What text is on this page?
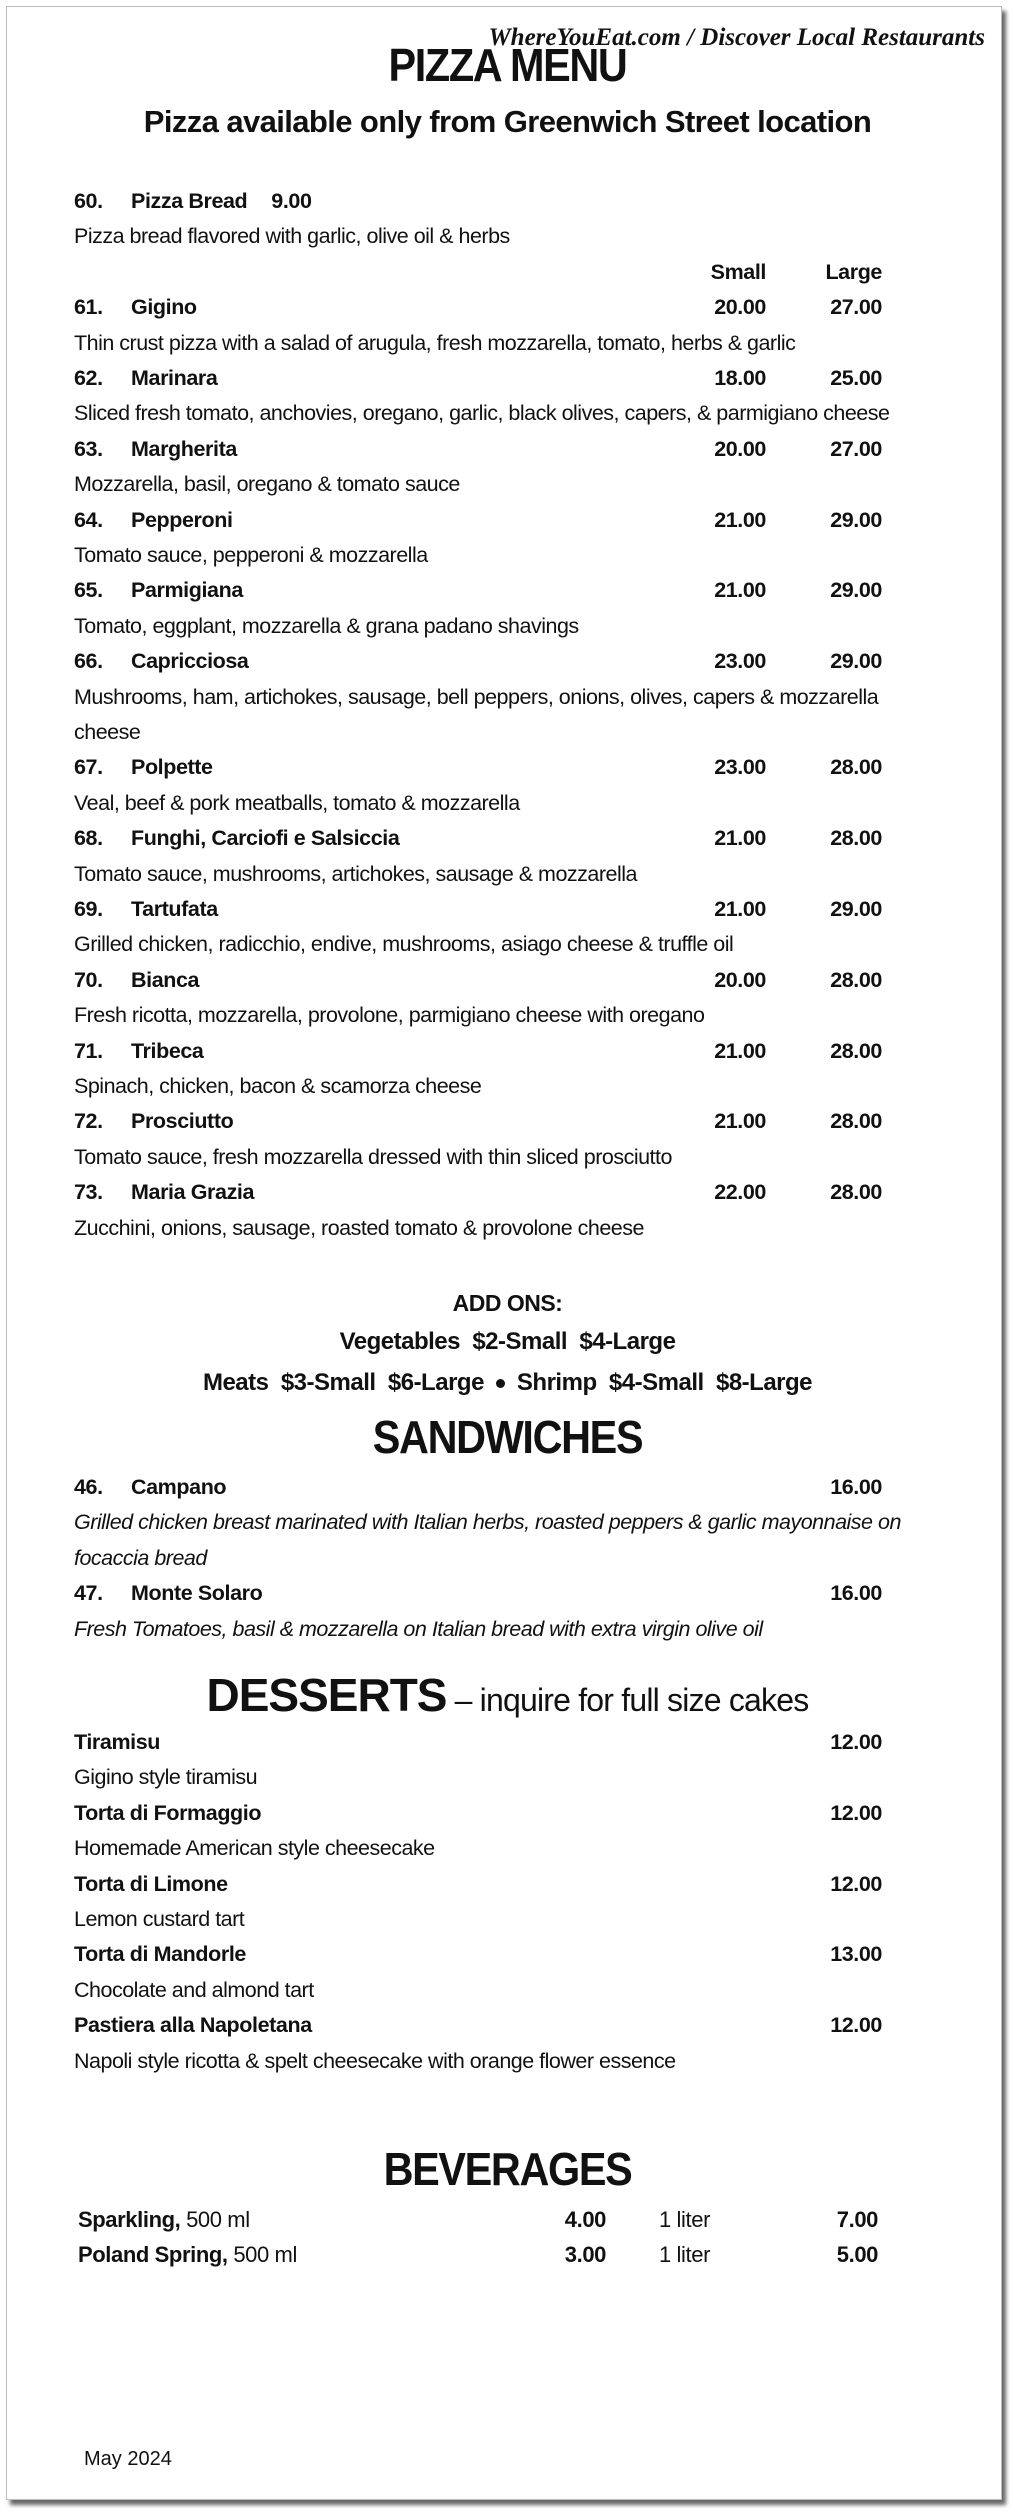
WhereYouEat.com / Discover Local Restaurants
PIZZA MENU
Pizza available only from Greenwich Street location
60. Pizza Bread 9.00
Pizza bread flavored with garlic, olive oil & herbs
Small	Large
61. Gigino	20.00	27.00
Thin crust pizza with a salad of arugula, fresh mozzarella, tomato, herbs & garlic
62. Marinara	18.00	25.00
Sliced fresh tomato, anchovies, oregano, garlic, black olives, capers, & parmigiano cheese
63. Margherita	20.00	27.00
Mozzarella, basil, oregano & tomato sauce
64. Pepperoni	21.00	29.00
Tomato sauce, pepperoni & mozzarella
65. Parmigiana	21.00	29.00
Tomato, eggplant, mozzarella & grana padano shavings
66. Capricciosa	23.00	29.00
Mushrooms, ham, artichokes, sausage, bell peppers, onions, olives, capers & mozzarella cheese
67. Polpette	23.00	28.00
Veal, beef & pork meatballs, tomato & mozzarella
68. Funghi, Carciofi e Salsiccia	21.00	28.00
Tomato sauce, mushrooms, artichokes, sausage & mozzarella
69. Tartufata	21.00	29.00
Grilled chicken, radicchio, endive, mushrooms, asiago cheese & truffle oil
70. Bianca	20.00	28.00
Fresh ricotta, mozzarella, provolone, parmigiano cheese with oregano
71. Tribeca	21.00	28.00
Spinach, chicken, bacon & scamorza cheese
72. Prosciutto	21.00	28.00
Tomato sauce, fresh mozzarella dressed with thin sliced prosciutto
73. Maria Grazia	22.00	28.00
Zucchini, onions, sausage, roasted tomato & provolone cheese
ADD ONS:
Vegetables  $2-Small  $4-Large
Meats  $3-Small  $6-Large Shrimp  $4-Small  $8-Large
SANDWICHES
46. Campano	16.00
Grilled chicken breast marinated with Italian herbs, roasted peppers & garlic mayonnaise on focaccia bread
47. Monte Solaro	16.00
Fresh Tomatoes, basil & mozzarella on Italian bread with extra virgin olive oil
DESSERTS – inquire for full size cakes
Tiramisu	12.00
Gigino style tiramisu
Torta di Formaggio	12.00
Homemade American style cheesecake
Torta di Limone	12.00
Lemon custard tart
Torta di Mandorle	13.00
Chocolate and almond tart
Pastiera alla Napoletana	12.00
Napoli style ricotta & spelt cheesecake with orange flower essence
BEVERAGES
Sparkling, 500 ml	4.00 1 liter	7.00
Poland Spring, 500 ml	3.00 1 liter	5.00
May 2024
